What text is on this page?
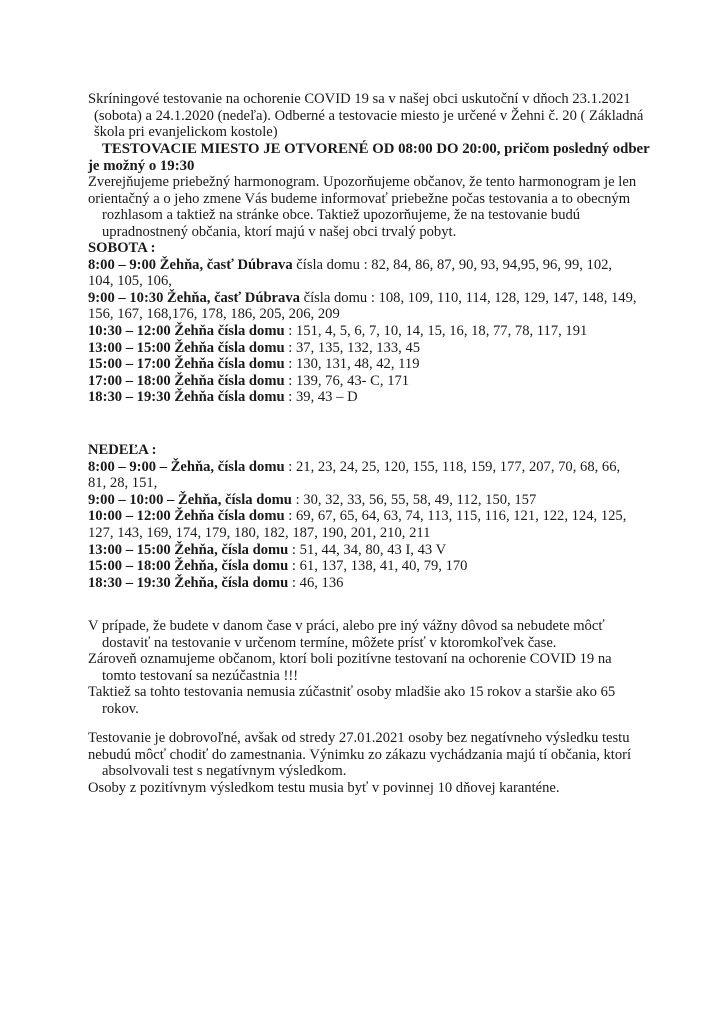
Skríningové testovanie na ochorenie COVID 19 sa v našej obci uskutoční v dňoch 23.1.2021
(sobota) a 24.1.2020 (nedeľa). Odberné a testovacie miesto je určené v Žehni č. 20 ( Základná
škola pri evanjelickom kostole)
TESTOVACIE MIESTO JE OTVORENÉ OD 08:00 DO 20:00, pričom posledný odber
je možný o 19:30
Zverejňujeme priebežný harmonogram. Upozorňujeme občanov, že tento harmonogram je len
orientačný a o jeho zmene Vás budeme informovať priebežne počas testovania a to obecným
rozhlasom a taktiež na stránke obce. Taktiež upozorňujeme, že na testovanie budú
upradnostnený občania, ktorí majú v našej obci trvalý pobyt.
SOBOTA :
8:00 – 9:00 Žehňa, časť Dúbrava čísla domu : 82, 84, 86, 87, 90, 93, 94,95, 96, 99, 102,
104, 105, 106,
9:00 – 10:30 Žehňa, časť Dúbrava čísla domu : 108, 109, 110, 114, 128, 129, 147, 148, 149,
156, 167, 168,176, 178, 186, 205, 206, 209
10:30 – 12:00 Žehňa čísla domu : 151, 4, 5, 6, 7, 10, 14, 15, 16, 18, 77, 78, 117, 191
13:00 – 15:00 Žehňa čísla domu : 37, 135, 132, 133, 45
15:00 – 17:00 Žehňa čísla domu : 130, 131, 48, 42, 119
17:00 – 18:00 Žehňa čísla domu : 139, 76, 43- C, 171
18:30 – 19:30 Žehňa čísla domu : 39, 43 – D
NEDEĽA :
8:00 – 9:00 – Žehňa, čísla domu : 21, 23, 24, 25, 120, 155, 118, 159, 177, 207, 70, 68, 66,
81, 28, 151,
9:00 – 10:00 – Žehňa, čísla domu : 30, 32, 33, 56, 55, 58, 49, 112, 150, 157
10:00 – 12:00 Žehňa čísla domu : 69, 67, 65, 64, 63, 74, 113, 115, 116, 121, 122, 124, 125,
127, 143, 169, 174, 179, 180, 182, 187, 190, 201, 210, 211
13:00 – 15:00 Žehňa, čísla domu : 51, 44, 34, 80, 43 I, 43 V
15:00 – 18:00 Žehňa, čísla domu : 61, 137, 138, 41, 40, 79, 170
18:30 – 19:30 Žehňa, čísla domu : 46, 136
V prípade, že budete v danom čase v práci, alebo pre iný vážny dôvod sa nebudete môcť
dostaviť na testovanie v určenom termíne, môžete prísť v ktoromkoľvek čase.
Zároveň oznamujeme občanom, ktorí boli pozitívne testovaní na ochorenie COVID 19 na
tomto testovaní sa nezúčastnia !!!
Taktiež sa tohto testovania nemusia zúčastniť osoby mladšie ako 15 rokov a staršie ako 65
rokov.
Testovanie je dobrovoľné, avšak od stredy 27.01.2021 osoby bez negatívneho výsledku testu
nebudú môcť chodiť do zamestnania. Výnimku zo zákazu vychádzania majú tí občania, ktorí
absolvovali test s negatívnym výsledkom.
Osoby z pozitívnym výsledkom testu musia byť v povinnej 10 dňovej karanténe.
